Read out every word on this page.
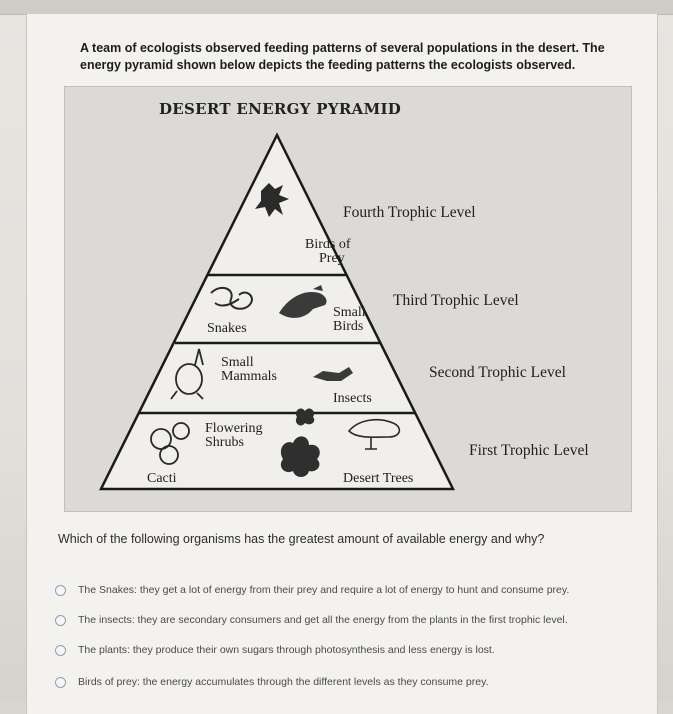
A team of ecologists observed feeding patterns of several populations in the desert. The energy pyramid shown below depicts the feeding patterns the ecologists observed.

DESERT ENERGY PYRAMID

Fourth Trophic Level
Third Trophic Level
Second Trophic Level
First Trophic Level
Birds of
Prey
Snakes
Small
Birds
Small
Mammals
Insects
Flowering
Shrubs
Cacti	Desert Trees

Which of the following organisms has the greatest amount of available energy and why?

The Snakes: they get a lot of energy from their prey and require a lot of energy to hunt and consume prey.
The insects: they are secondary consumers and get all the energy from the plants in the first trophic level.
The plants: they produce their own sugars through photosynthesis and less energy is lost.
Birds of prey: the energy accumulates through the different levels as they consume prey.
